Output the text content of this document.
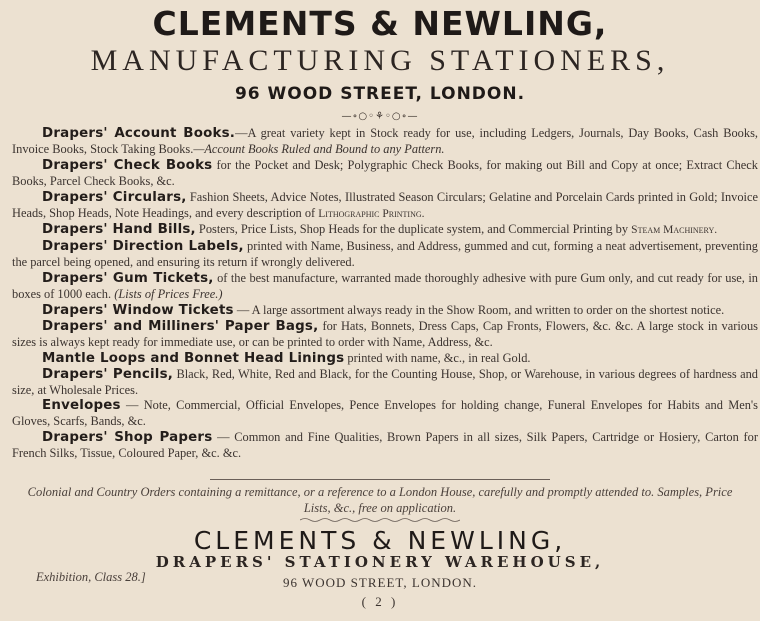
CLEMENTS & NEWLING,
MANUFACTURING STATIONERS,
96 WOOD STREET, LONDON.
—∘○◦⚘◦○∘—
Drapers' Account Books.—A great variety kept in Stock ready for use, including Ledgers, Journals, Day Books, Cash Books, Invoice Books, Stock Taking Books.—Account Books Ruled and Bound to any Pattern.
Drapers' Check Books for the Pocket and Desk; Polygraphic Check Books, for making out Bill and Copy at once; Extract Check Books, Parcel Check Books, &c.
Drapers' Circulars, Fashion Sheets, Advice Notes, Illustrated Season Circulars; Gelatine and Porcelain Cards printed in Gold; Invoice Heads, Shop Heads, Note Headings, and every description of Lithographic Printing.
Drapers' Hand Bills, Posters, Price Lists, Shop Heads for the duplicate system, and Commercial Printing by Steam Machinery.
Drapers' Direction Labels, printed with Name, Business, and Address, gummed and cut, forming a neat advertisement, preventing the parcel being opened, and ensuring its return if wrongly delivered.
Drapers' Gum Tickets, of the best manufacture, warranted made thoroughly adhesive with pure Gum only, and cut ready for use, in boxes of 1000 each. (Lists of Prices Free.)
Drapers' Window Tickets — A large assortment always ready in the Show Room, and written to order on the shortest notice.
Drapers' and Milliners' Paper Bags, for Hats, Bonnets, Dress Caps, Cap Fronts, Flowers, &c. &c. A large stock in various sizes is always kept ready for immediate use, or can be printed to order with Name, Address, &c.
Mantle Loops and Bonnet Head Linings printed with name, &c., in real Gold.
Drapers' Pencils, Black, Red, White, Red and Black, for the Counting House, Shop, or Warehouse, in various degrees of hardness and size, at Wholesale Prices.
Envelopes — Note, Commercial, Official Envelopes, Pence Envelopes for holding change, Funeral Envelopes for Habits and Men's Gloves, Scarfs, Bands, &c.
Drapers' Shop Papers — Common and Fine Qualities, Brown Papers in all sizes, Silk Papers, Cartridge or Hosiery, Carton for French Silks, Tissue, Coloured Paper, &c. &c.
Colonial and Country Orders containing a remittance, or a reference to a London House, carefully and promptly attended to. Samples, Price Lists, &c., free on application.
CLEMENTS & NEWLING,
DRAPERS' STATIONERY WAREHOUSE,
Exhibition, Class 28.]	96 WOOD STREET, LONDON.
( 2 )
